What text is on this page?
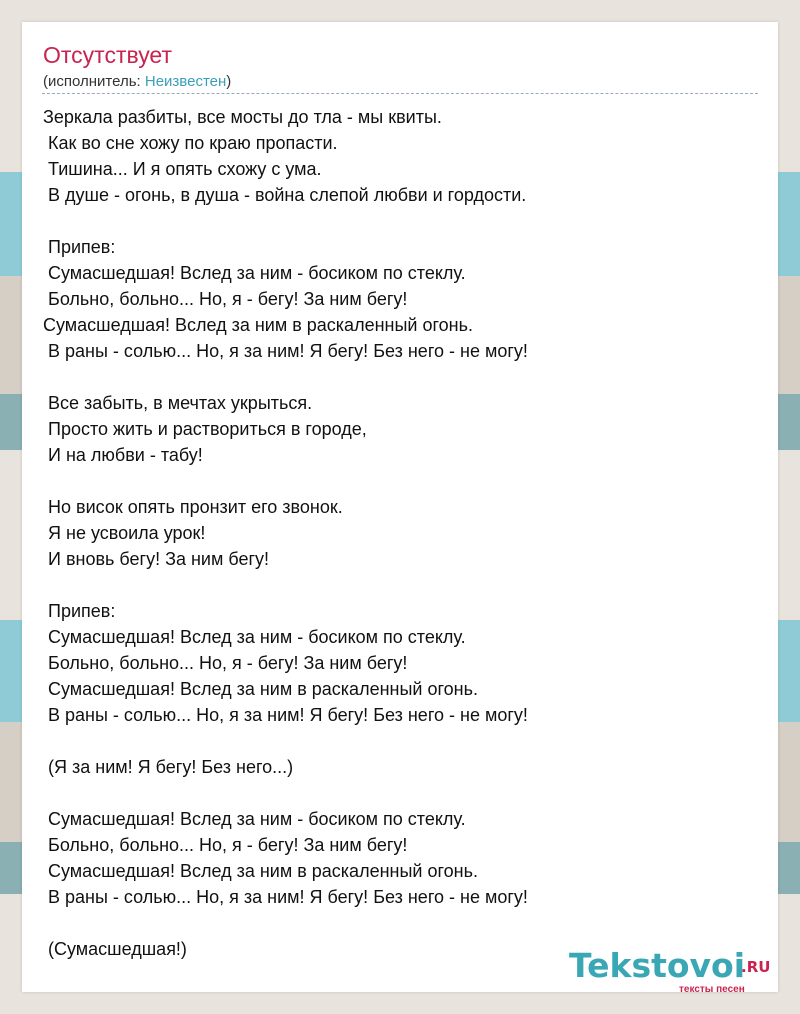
Отсутствует
(исполнитель: Неизвестен)
Зеркала разбиты, все мосты до тла - мы квиты.
Как во сне хожу по краю пропасти.
Тишина... И я опять схожу с ума.
В душе - огонь, в душа - война слепой любви и гордости.
Припев:
Сумасшедшая! Вслед за ним - босиком по стеклу.
Больно, больно... Но, я - бегу! За ним бегу!
Сумасшедшая! Вслед за ним в раскаленный огонь.
В раны - солью... Но, я за ним! Я бегу! Без него - не могу!
Все забыть, в мечтах укрыться.
Просто жить и раствориться в городе,
И на любви - табу!
Но висок опять пронзит его звонок.
Я не усвоила урок!
И вновь бегу! За ним бегу!
Припев:
Сумасшедшая! Вслед за ним - босиком по стеклу.
Больно, больно... Но, я - бегу! За ним бегу!
Сумасшедшая! Вслед за ним в раскаленный огонь.
В раны - солью... Но, я за ним! Я бегу! Без него - не могу!
(Я за ним! Я бегу! Без него...)
Сумасшедшая! Вслед за ним - босиком по стеклу.
Больно, больно... Но, я - бегу! За ним бегу!
Сумасшедшая! Вслед за ним в раскаленный огонь.
В раны - солью... Но, я за ним! Я бегу! Без него - не могу!
(Сумасшедшая!)	Tekstovoi
.RU
тексты песен
